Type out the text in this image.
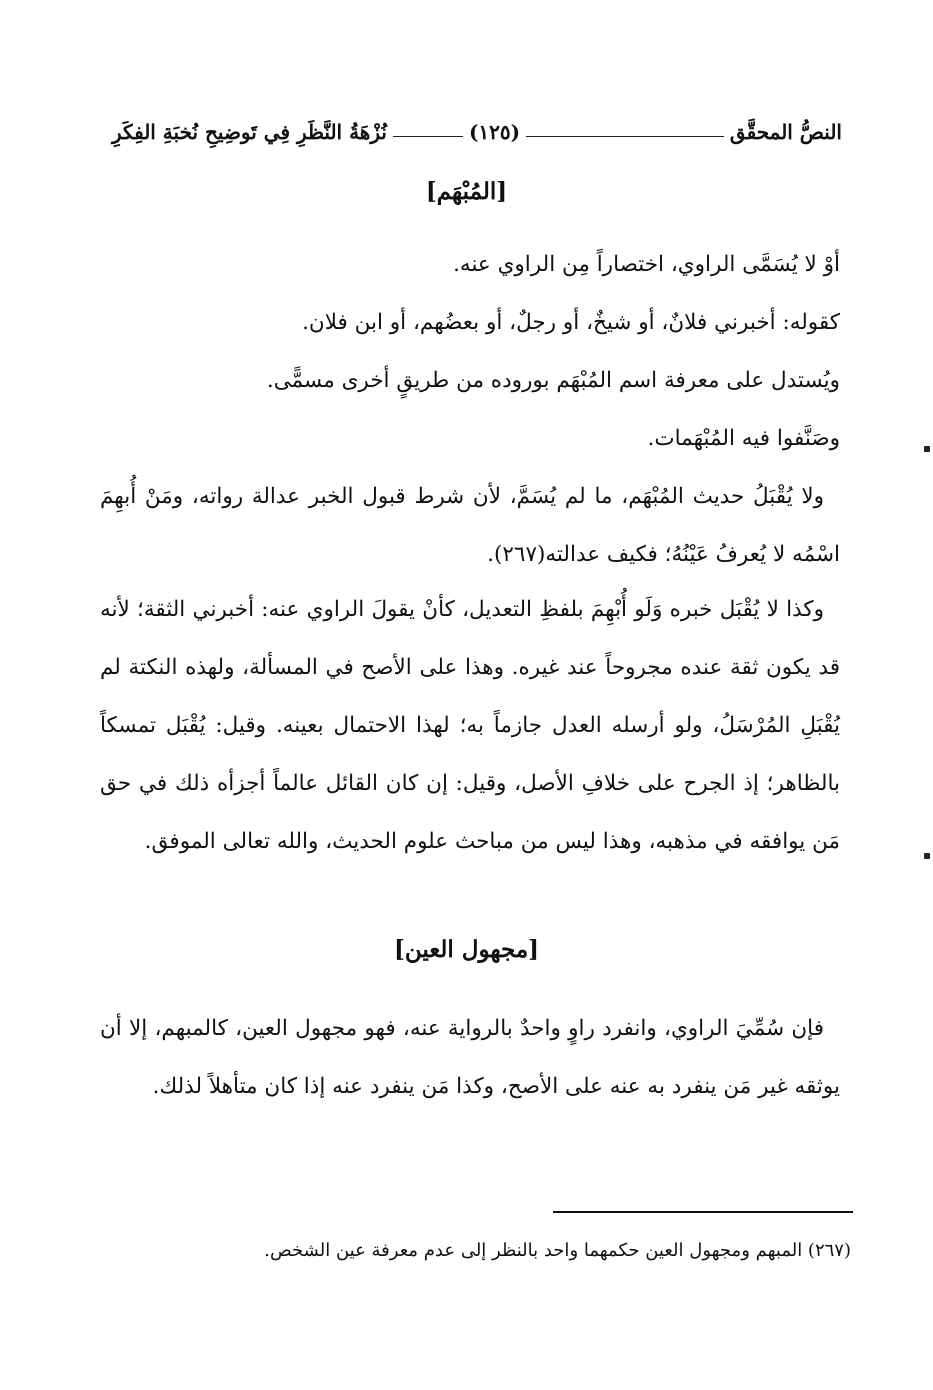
النصُّ المحقَّق
(١٢٥)
نُزْهَةُ النَّظَرِ فِي تَوضِيحِ نُخبَةِ الفِكَرِ
[المُبْهَم]
أوْ لا يُسَمَّى الراوي، اختصاراً مِن الراوي عنه.
كقوله: أخبرني فلانٌ، أو شيخٌ، أو رجلٌ، أو بعضُهم، أو ابن فلان.
ويُستدل على معرفة اسم المُبْهَم بوروده من طريقٍ أخرى مسمًّى.
وصَنَّفوا فيه المُبْهَمات.
ولا يُقْبَلُ حديث المُبْهَم، ما لم يُسَمَّ، لأن شرط قبول الخبر عدالة رواته، ومَنْ أُبهِمَ اسْمُه لا يُعرفُ عَيْنُهُ؛ فكيف عدالته(٢٦٧).
وكذا لا يُقْبَل خبره وَلَو أُبْهِمَ بلفظِ التعديل، كأنْ يقولَ الراوي عنه: أخبرني الثقة؛ لأنه قد يكون ثقة عنده مجروحاً عند غيره. وهذا على الأصح في المسألة، ولهذه النكتة لم يُقْبَلِ المُرْسَلُ، ولو أرسله العدل جازماً به؛ لهذا الاحتمال بعينه. وقيل: يُقْبَل تمسكاً بالظاهر؛ إذ الجرح على خلافِ الأصل، وقيل: إن كان القائل عالماً أجزأه ذلك في حق مَن يوافقه في مذهبه، وهذا ليس من مباحث علوم الحديث، والله تعالى الموفق.
[مجهول العين]
فإن سُمِّيَ الراوي، وانفرد راوٍ واحدٌ بالرواية عنه، فهو مجهول العين، كالمبهم، إلا أن يوثقه غير مَن ينفرد به عنه على الأصح، وكذا مَن ينفرد عنه إذا كان متأهلاً لذلك.
(٢٦٧) المبهم ومجهول العين حكمهما واحد بالنظر إلى عدم معرفة عين الشخص.
